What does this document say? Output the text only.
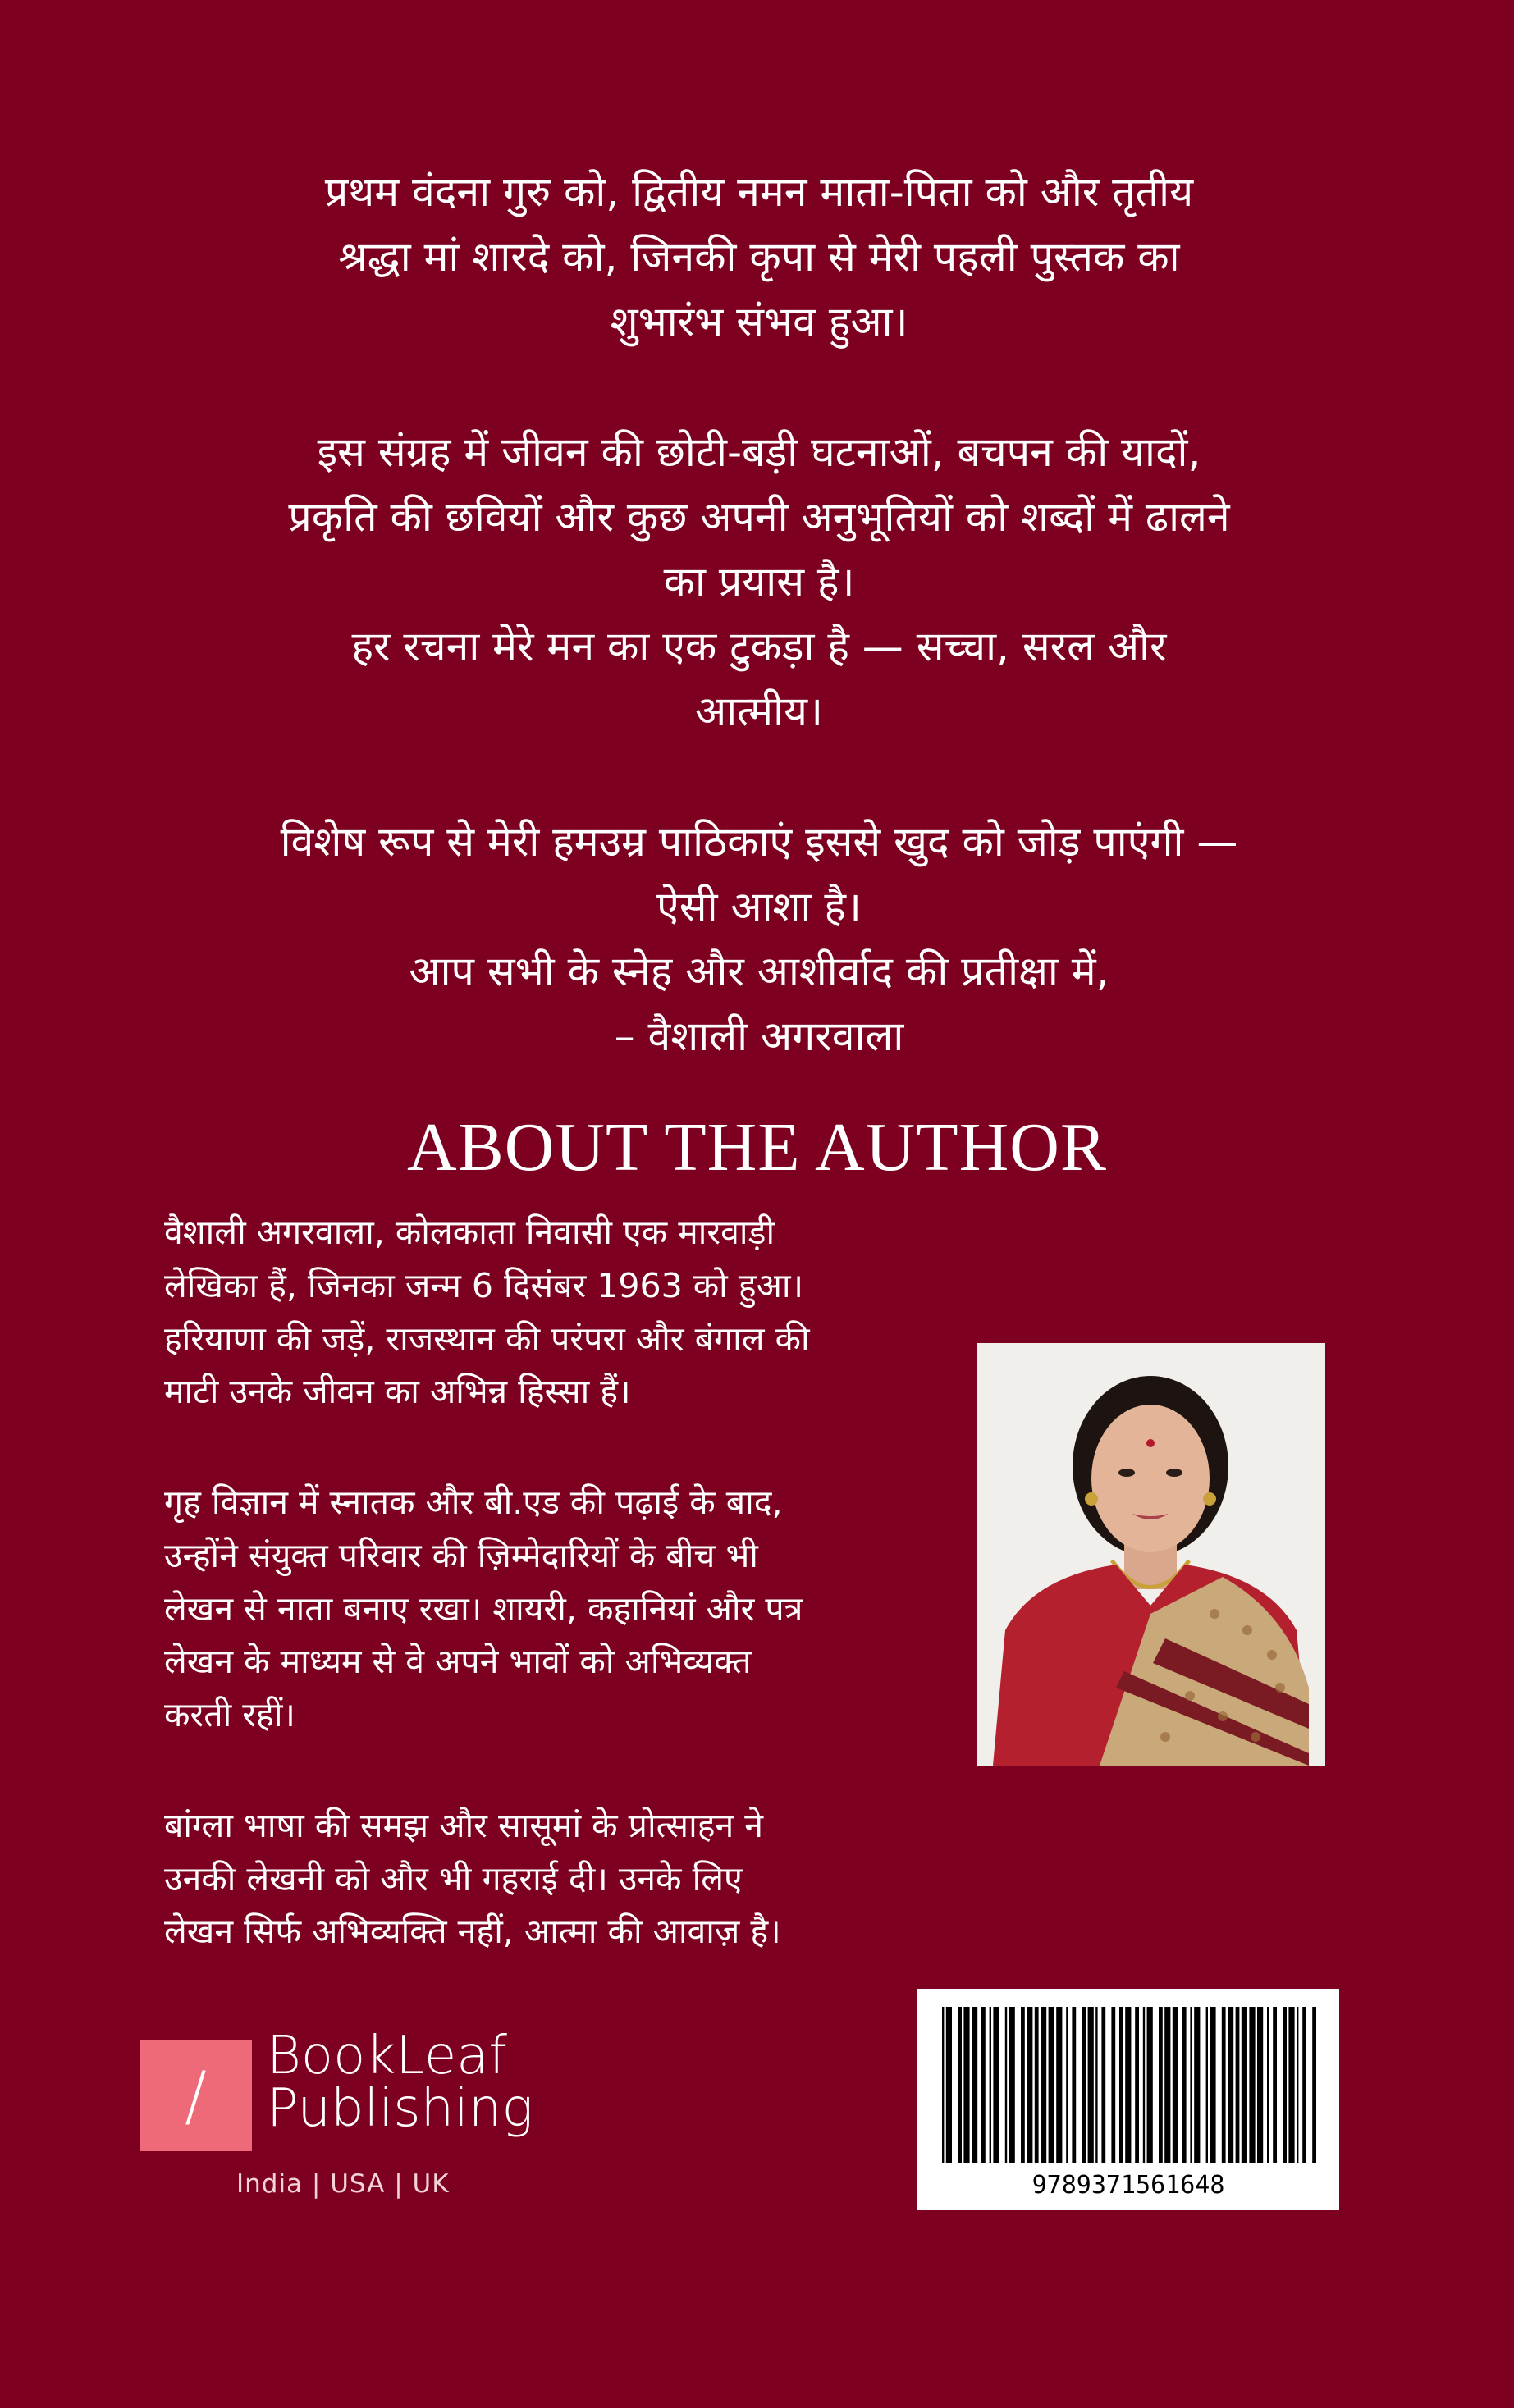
प्रथम वंदना गुरु को, द्वितीय नमन माता-पिता को और तृतीय

श्रद्धा मां शारदे को, जिनकी कृपा से मेरी पहली पुस्तक का

शुभारंभ संभव हुआ।

इस संग्रह में जीवन की छोटी-बड़ी घटनाओं, बचपन की यादों,

प्रकृति की छवियों और कुछ अपनी अनुभूतियों को शब्दों में ढालने

का प्रयास है।

हर रचना मेरे मन का एक टुकड़ा है — सच्चा, सरल और

आत्मीय।

विशेष रूप से मेरी हमउम्र पाठिकाएं इससे खुद को जोड़ पाएंगी —

ऐसी आशा है।

आप सभी के स्नेह और आशीर्वाद की प्रतीक्षा में,

– वैशाली अगरवाला

ABOUT THE AUTHOR

वैशाली अगरवाला, कोलकाता निवासी एक मारवाड़ी

लेखिका हैं, जिनका जन्म 6 दिसंबर 1963 को हुआ।

हरियाणा की जड़ें, राजस्थान की परंपरा और बंगाल की

माटी उनके जीवन का अभिन्न हिस्सा हैं।

गृह विज्ञान में स्नातक और बी.एड की पढ़ाई के बाद,

उन्होंने संयुक्त परिवार की ज़िम्मेदारियों के बीच भी

लेखन से नाता बनाए रखा। शायरी, कहानियां और पत्र

लेखन के माध्यम से वे अपने भावों को अभिव्यक्त

करती रहीं।

बांग्ला भाषा की समझ और सासूमां के प्रोत्साहन ने

उनकी लेखनी को और भी गहराई दी। उनके लिए

लेखन सिर्फ अभिव्यक्ति नहीं, आत्मा की आवाज़ है।

/
BookLeaf
Publishing
India | USA | UK	9789371561648
